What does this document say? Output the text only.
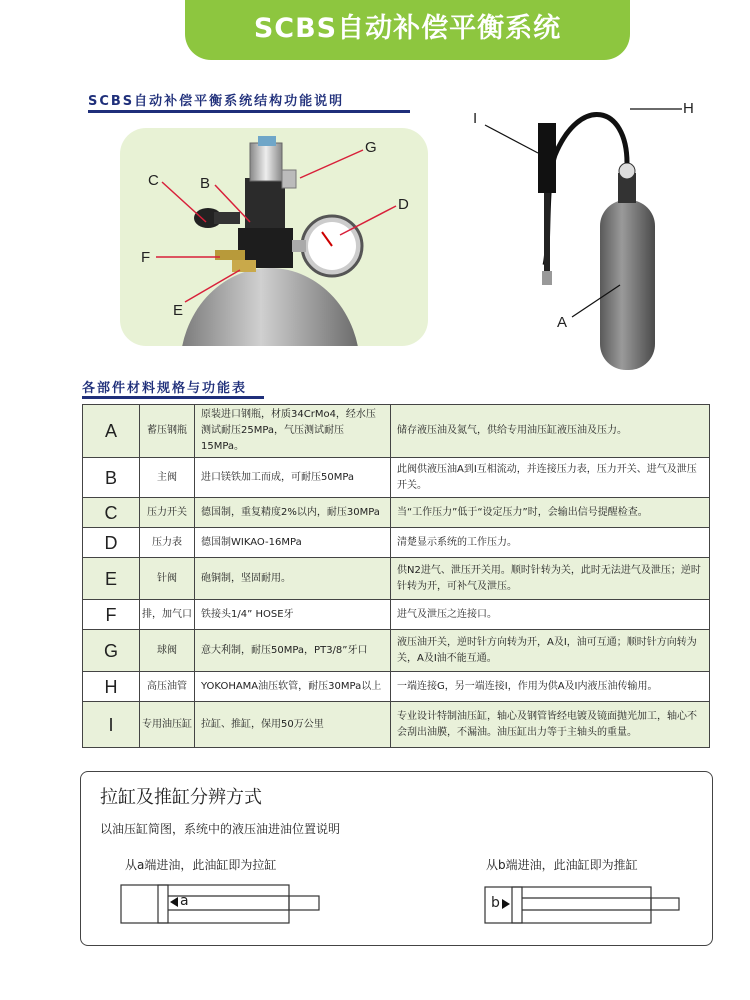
SCBS自动补偿平衡系统
SCBS自动补偿平衡系统结构功能说明
C	B
G
D
F
E
I
H
A
各部件材料规格与功能表
A	蓄压钢瓶	原装进口钢瓶，材质34CrMo4，经水压测试耐压25MPa，气压测试耐压15MPa。	储存液压油及氮气，供给专用油压缸液压油及压力。
B	主阀	进口镁铁加工而成，可耐压50MPa	此阀供液压油A到I互相流动，并连接压力表，压力开关、进气及泄压开关。
C	压力开关	德国制，重复精度2%以内，耐压30MPa	当“工作压力”低于“设定压力”时，会输出信号提醒检查。
D	压力表	德国制WIKAO-16MPa	清楚显示系统的工作压力。
E	针阀	砲铜制，坚固耐用。	供N2进气、泄压开关用。顺时针转为关，此时无法进气及泄压；逆时针转为开，可补气及泄压。
F	排，加气口	铁接头1/4” HOSE牙	进气及泄压之连接口。
G	球阀	意大利制，耐压50MPa，PT3/8”牙口	液压油开关，逆时针方向转为开，A及I，油可互通；顺时针方向转为关，A及I油不能互通。
H	高压油管	YOKOHAMA油压软管，耐压30MPa以上	一端连接G，另一端连接I，作用为供A及I内液压油传输用。
I	专用油压缸	拉缸、推缸，保用50万公里	专业设计特制油压缸，轴心及钢管皆经电镀及镜面抛光加工，轴心不会刮出油膜，不漏油。油压缸出力等于主轴头的重量。
拉缸及推缸分辨方式
以油压缸简图，系统中的液压油进油位置说明
从a端进油，此油缸即为拉缸	从b端进油，此油缸即为推缸
a	b
